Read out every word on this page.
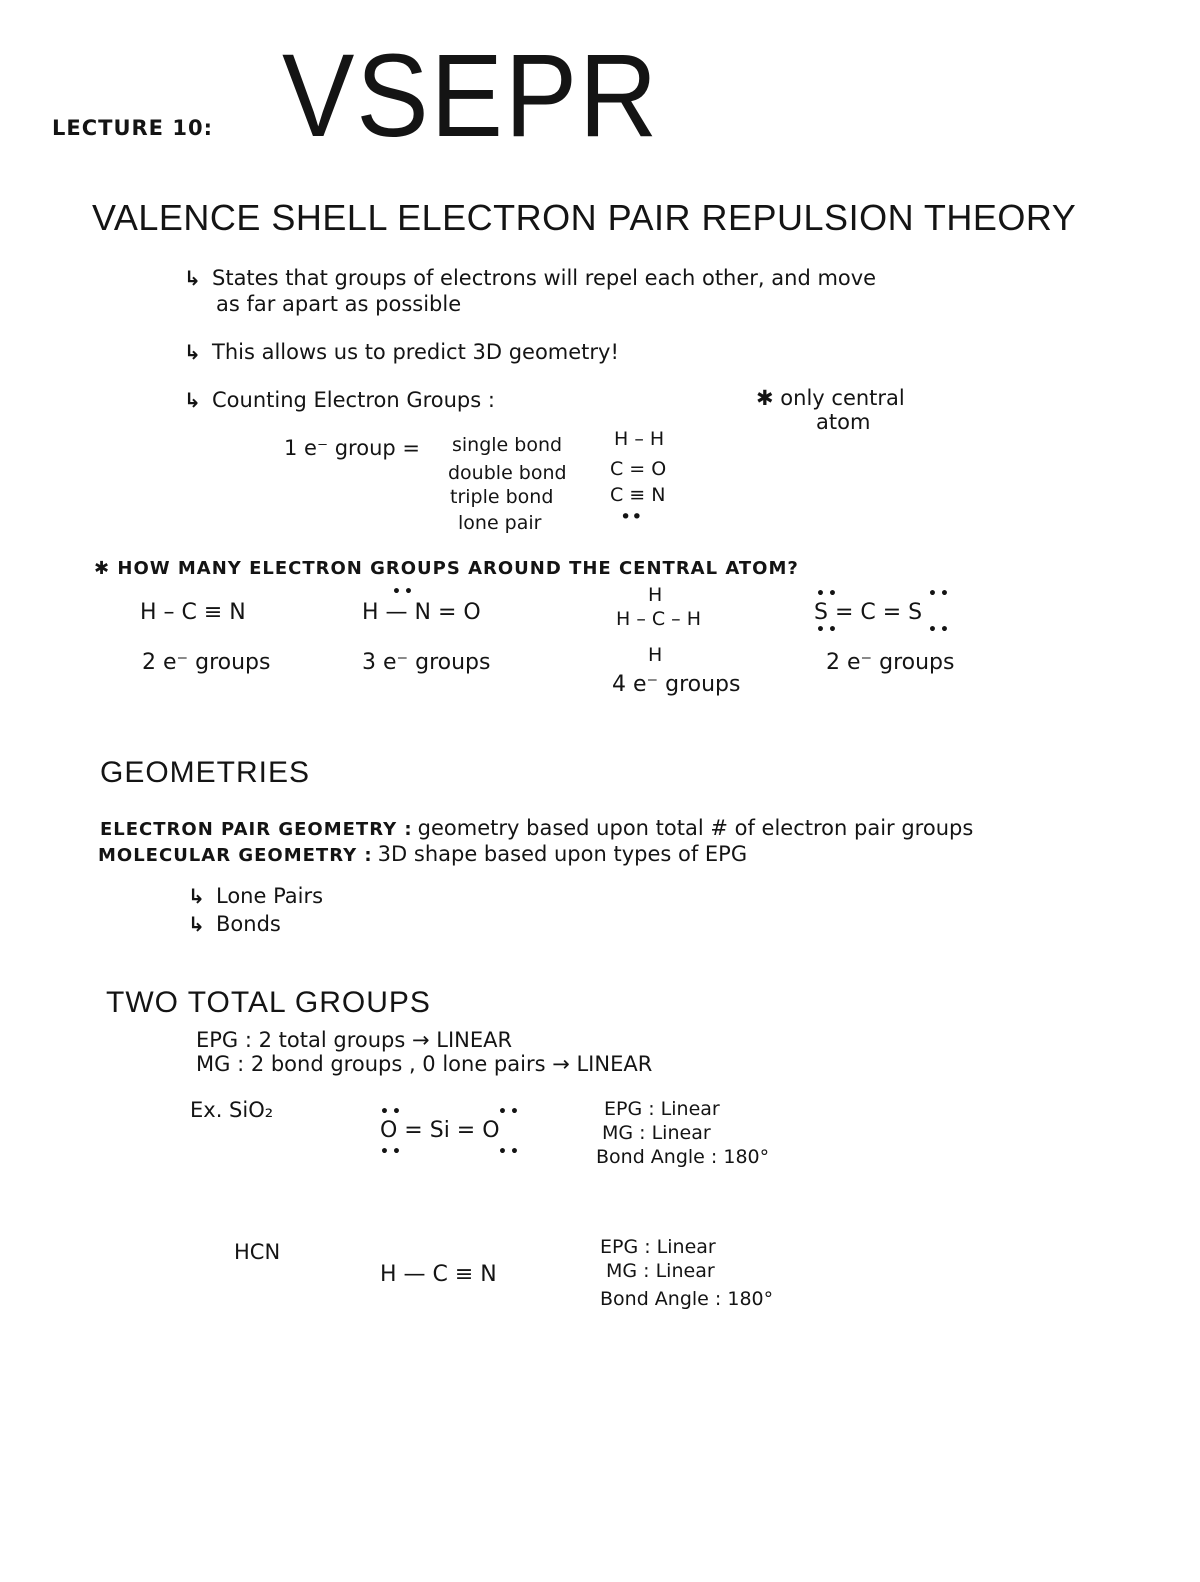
LECTURE 10: VSEPR
VALENCE SHELL ELECTRON PAIR REPULSION THEORY
↳ States that groups of electrons will repel each other, and move
as far apart as possible
↳ This allows us to predict 3D geometry!
↳ Counting Electron Groups :	✱ only central
atom
1 e⁻ group = single bond
double bond
triple bond
lone pair
H – H
C = O
C ≡ N
••
✱ HOW MANY ELECTRON GROUPS AROUND THE CENTRAL ATOM?
H – C ≡ N
2 e⁻ groups
••
H — N = O
3 e⁻ groups
H
H – C – H
H
4 e⁻ groups
••	••
S = C = S
••	••
2 e⁻ groups
GEOMETRIES
ELECTRON PAIR GEOMETRY : geometry based upon total # of electron pair groups
MOLECULAR GEOMETRY : 3D shape based upon types of EPG
↳ Lone Pairs
↳ Bonds
TWO TOTAL GROUPS
EPG : 2 total groups → LINEAR
MG : 2 bond groups , 0 lone pairs → LINEAR
Ex. SiO₂	••	••
O = Si = O
••	••
EPG : Linear
MG : Linear
Bond Angle : 180°
HCN
H — C ≡ N
EPG : Linear
MG : Linear
Bond Angle : 180°
